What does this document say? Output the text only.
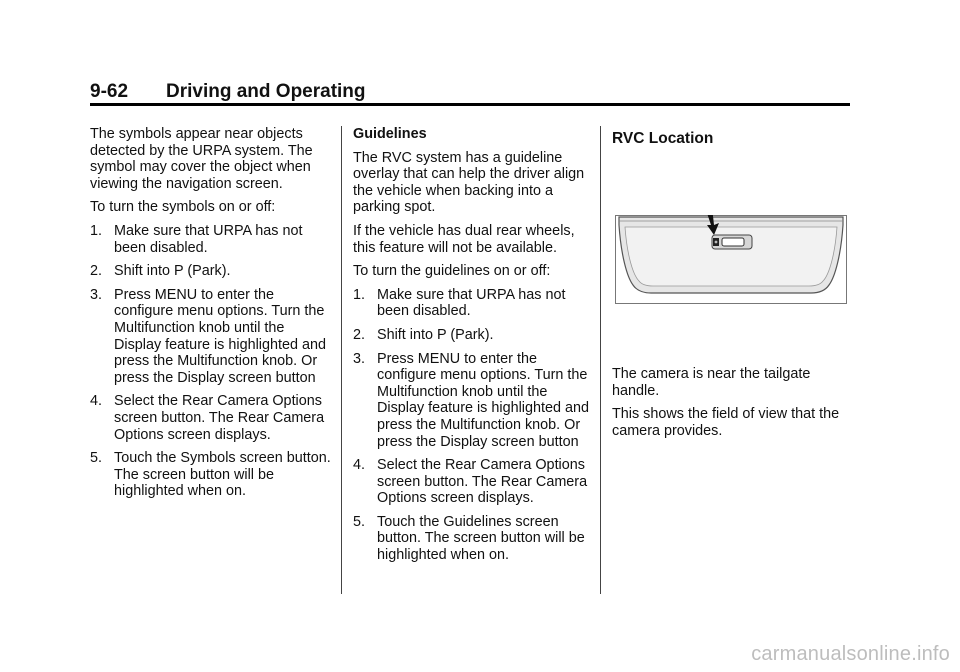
9-62 Driving and Operating

The symbols appear near objects detected by the URPA system. The symbol may cover the object when viewing the navigation screen.

To turn the symbols on or off:

1. Make sure that URPA has not been disabled.
2. Shift into P (Park).
3. Press MENU to enter the configure menu options. Turn the Multifunction knob until the Display feature is highlighted and press the Multifunction knob. Or press the Display screen button
4. Select the Rear Camera Options screen button. The Rear Camera Options screen displays.
5. Touch the Symbols screen button. The screen button will be highlighted when on.

Guidelines

The RVC system has a guideline overlay that can help the driver align the vehicle when backing into a parking spot.

If the vehicle has dual rear wheels, this feature will not be available.

To turn the guidelines on or off:

1. Make sure that URPA has not been disabled.
2. Shift into P (Park).
3. Press MENU to enter the configure menu options. Turn the Multifunction knob until the Display feature is highlighted and press the Multifunction knob. Or press the Display screen button
4. Select the Rear Camera Options screen button. The Rear Camera Options screen displays.
5. Touch the Guidelines screen button. The screen button will be highlighted when on.
RVC Location

The camera is near the tailgate handle.

This shows the field of view that the camera provides.

carmanualsonline.info
